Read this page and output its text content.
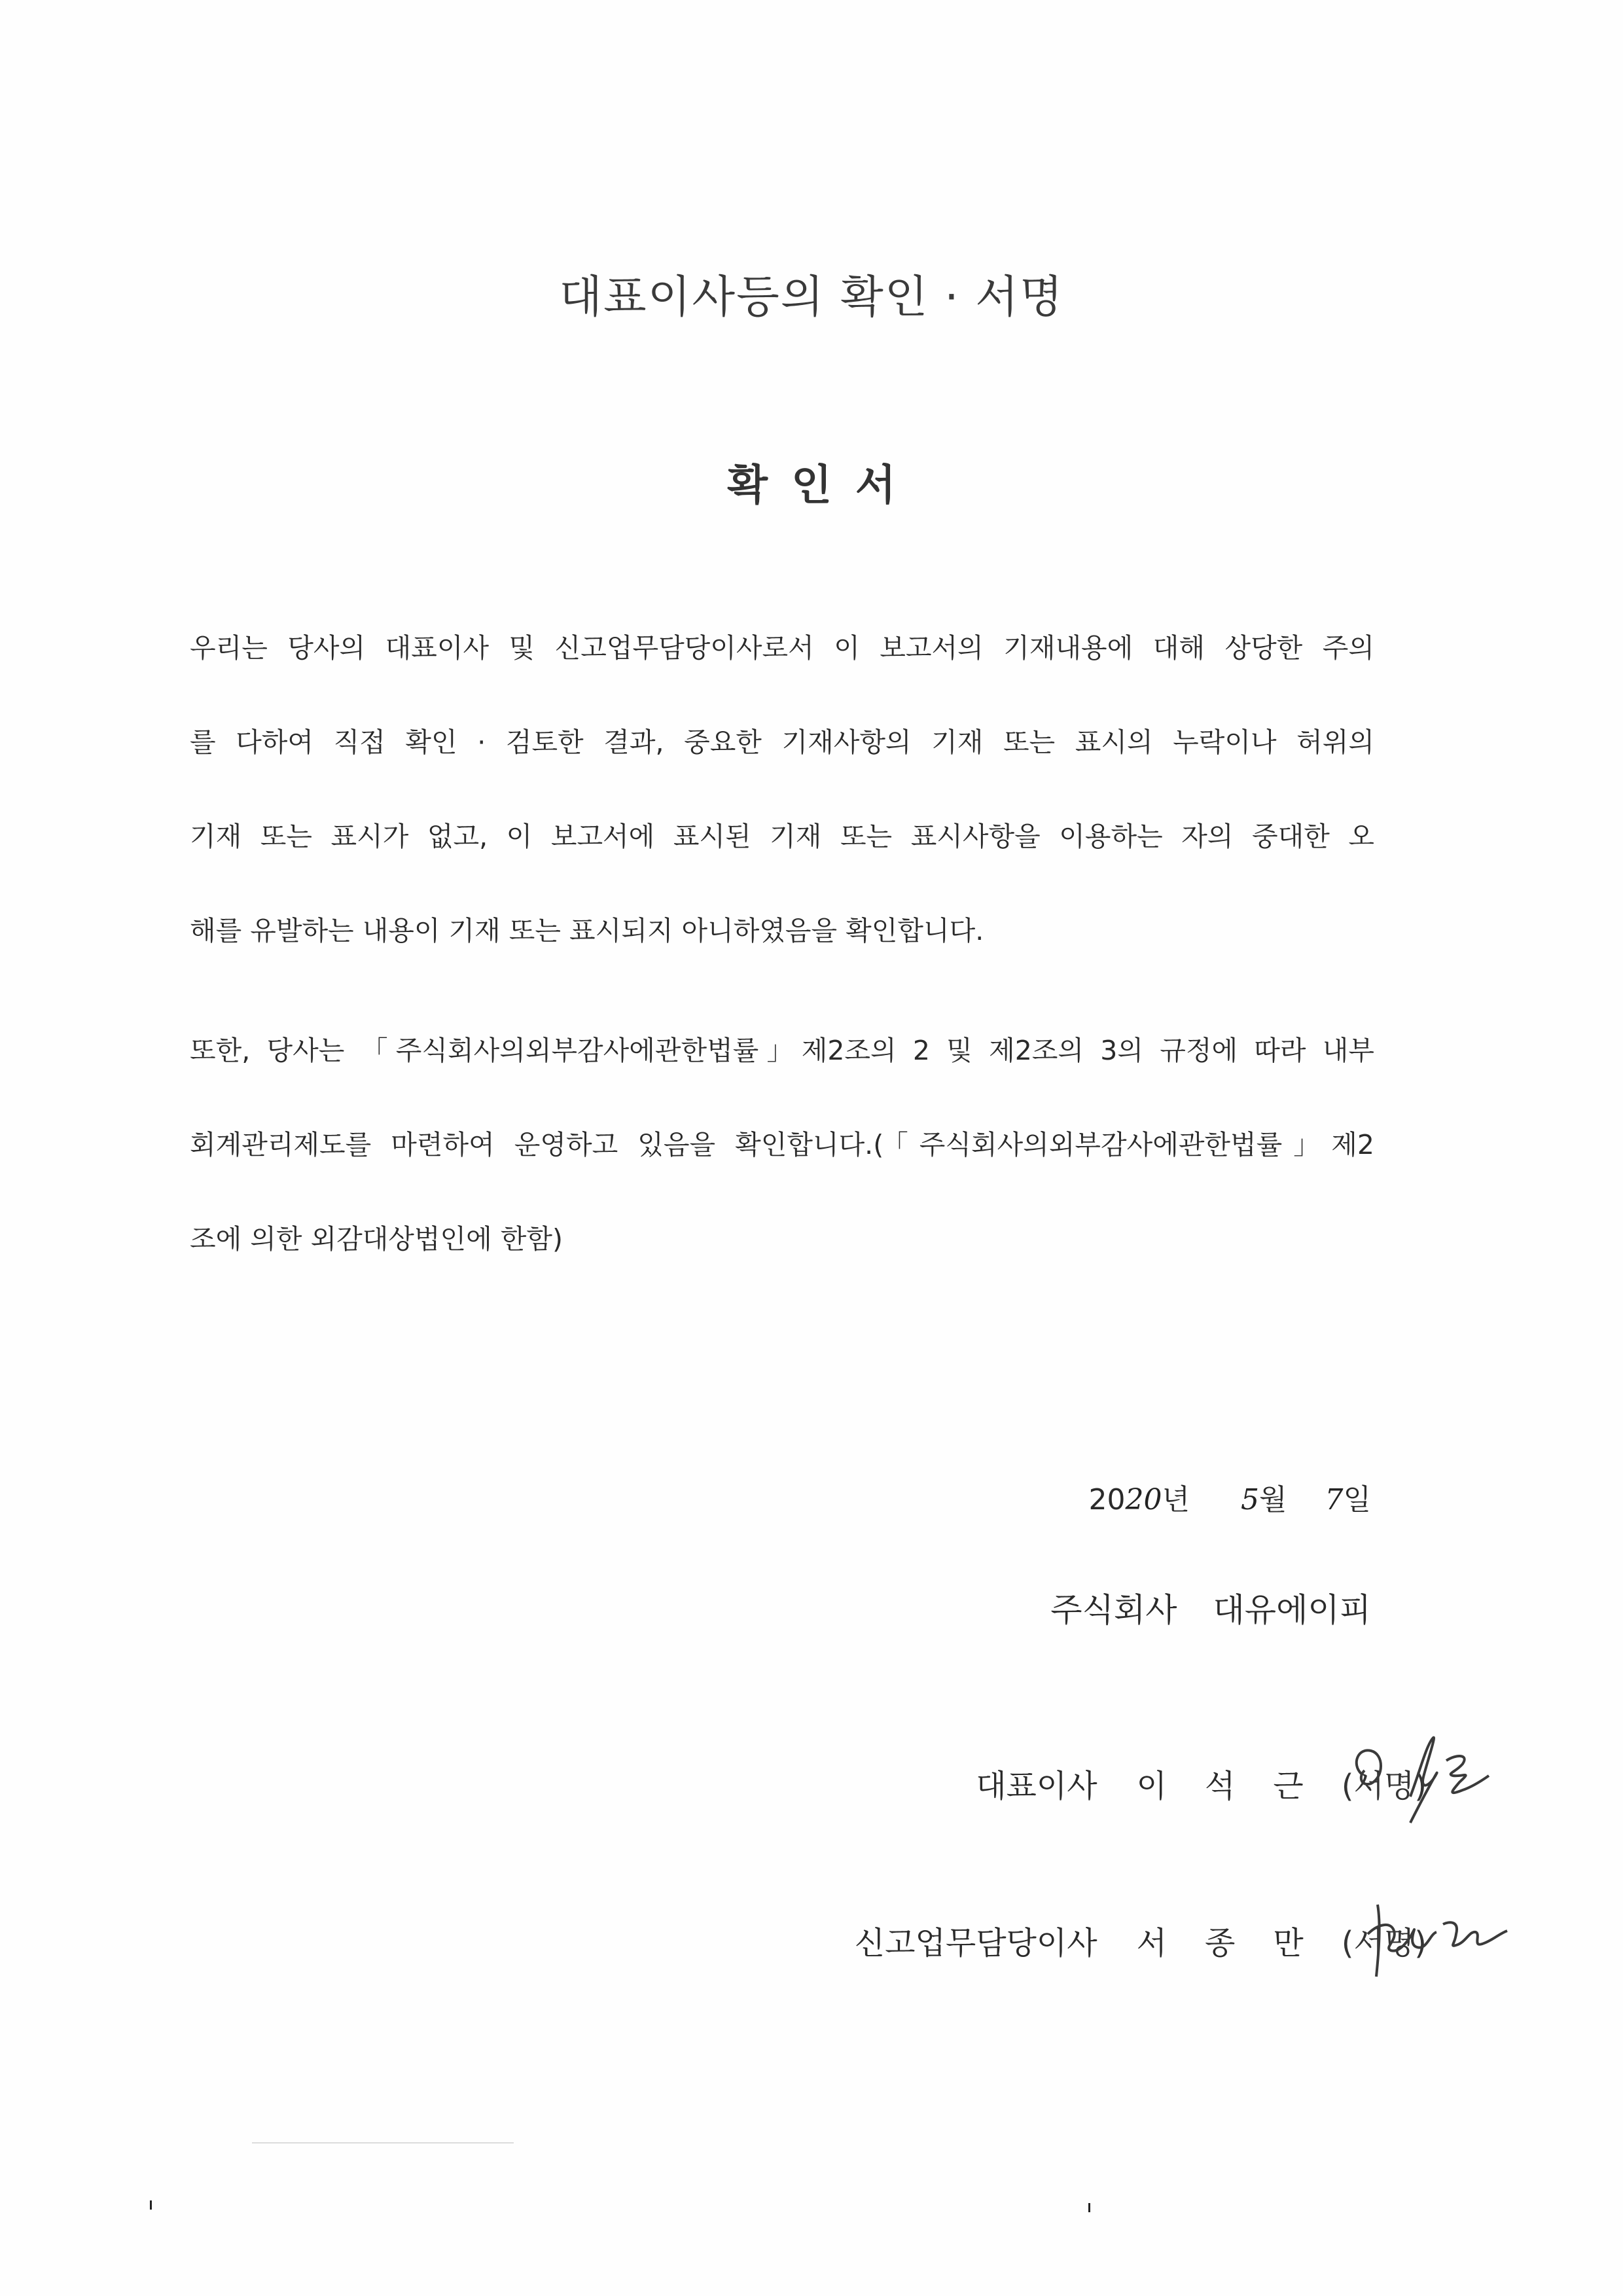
대표이사등의 확인 · 서명
확인서
우리는 당사의 대표이사 및 신고업무담당이사로서 이 보고서의 기재내용에 대해 상당한 주의
를 다하여 직접 확인 · 검토한 결과, 중요한 기재사항의 기재 또는 표시의 누락이나 허위의
기재 또는 표시가 없고, 이 보고서에 표시된 기재 또는 표시사항을 이용하는 자의 중대한 오
해를 유발하는 내용이 기재 또는 표시되지 아니하였음을 확인합니다.
또한, 당사는 「주식회사의외부감사에관한법률」제2조의 2 및 제2조의 3의 규정에 따라 내부
회계관리제도를 마련하여 운영하고 있음을 확인합니다.(「주식회사의외부감사에관한법률」제2
조에 의한 외감대상법인에 한함)
2020년 5월 7일
주식회사 대유에이피
대표이사 이 석 근	(서명)
신고업무담당이사 서 종 만	(서명)
